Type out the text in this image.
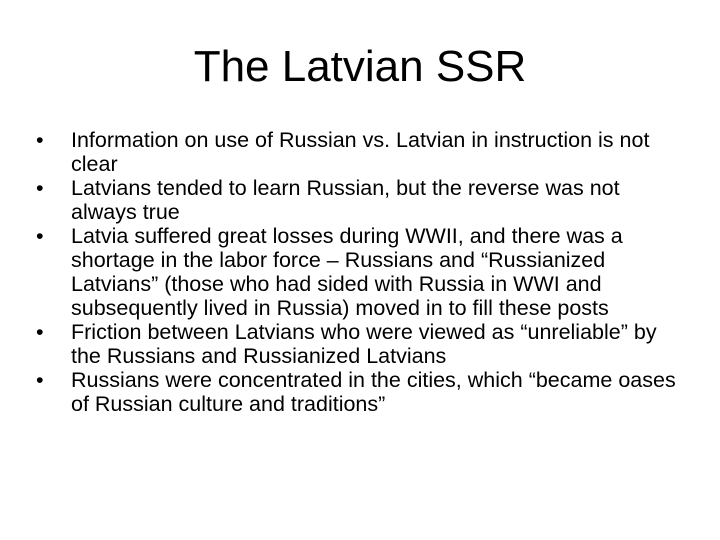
The Latvian SSR
• Information on use of Russian vs. Latvian in instruction is not clear
• Latvians tended to learn Russian, but the reverse was not always true
• Latvia suffered great losses during WWII, and there was a shortage in the labor force – Russians and “Russianized Latvians” (those who had sided with Russia in WWI and subsequently lived in Russia) moved in to fill these posts
• Friction between Latvians who were viewed as “unreliable” by the Russians and Russianized Latvians
• Russians were concentrated in the cities, which “became oases of Russian culture and traditions”
